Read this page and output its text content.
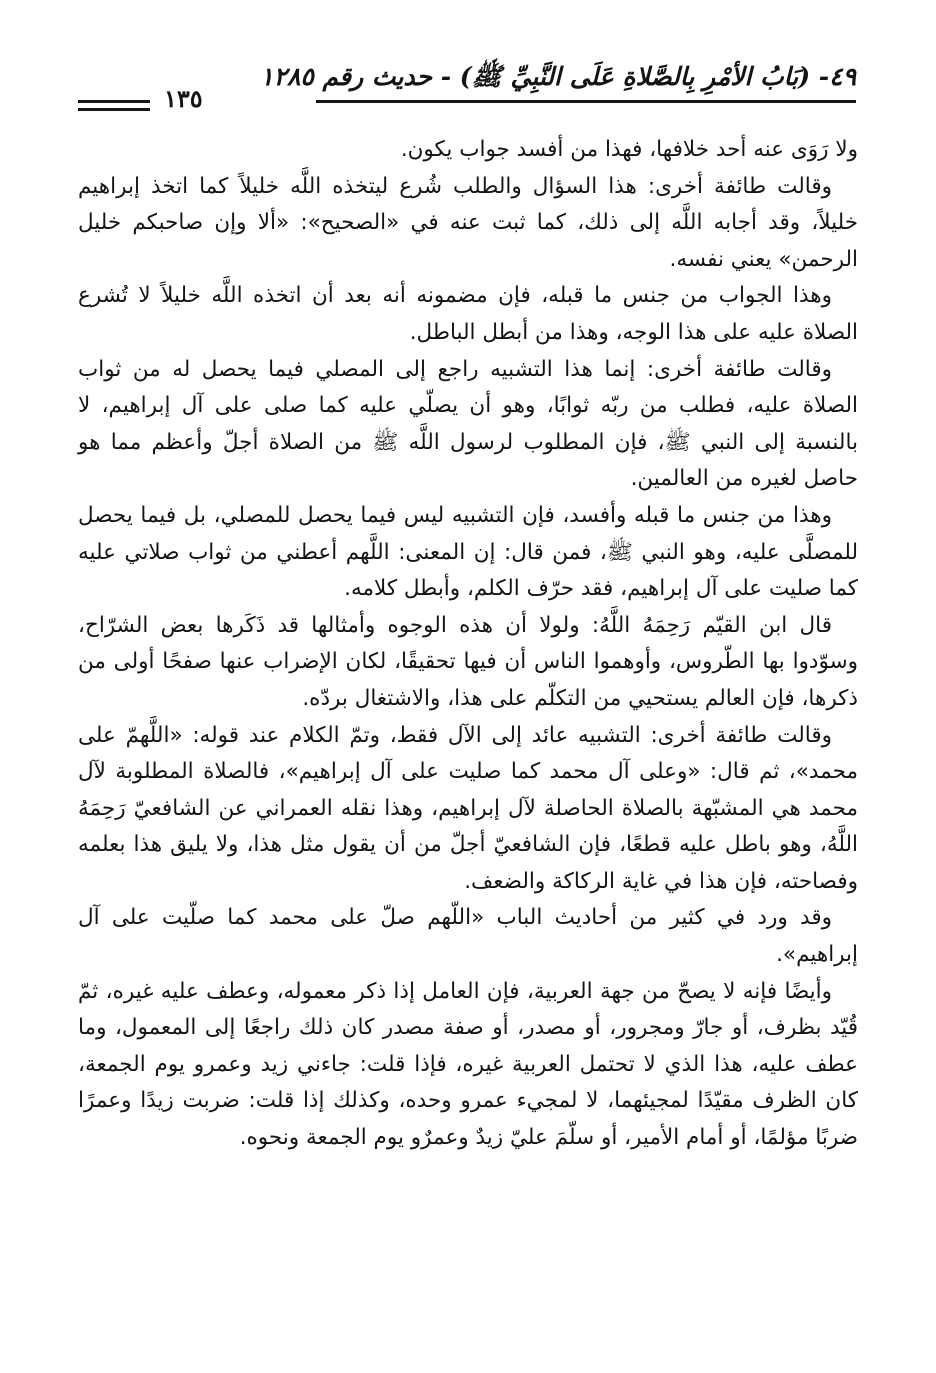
٤٩- (بَابُ الأمْرِ بِالصَّلاةِ عَلَى النَّبِيِّ ﷺ) - حديث رقم ١٢٨٥
١٣٥

ولا رَوَى عنه أحد خلافها، فهذا من أفسد جواب يكون.

وقالت طائفة أخرى: هذا السؤال والطلب شُرع ليتخذه اللَّه خليلاً كما اتخذ إبراهيم خليلاً، وقد أجابه اللَّه إلى ذلك، كما ثبت عنه في «الصحيح»: «ألا وإن صاحبكم خليل الرحمن» يعني نفسه.

وهذا الجواب من جنس ما قبله، فإن مضمونه أنه بعد أن اتخذه اللَّه خليلاً لا تُشرع الصلاة عليه على هذا الوجه، وهذا من أبطل الباطل.

وقالت طائفة أخرى: إنما هذا التشبيه راجع إلى المصلي فيما يحصل له من ثواب الصلاة عليه، فطلب من ربّه ثوابًا، وهو أن يصلّي عليه كما صلى على آل إبراهيم، لا بالنسبة إلى النبي ﷺ، فإن المطلوب لرسول اللَّه ﷺ من الصلاة أجلّ وأعظم مما هو حاصل لغيره من العالمين.

وهذا من جنس ما قبله وأفسد، فإن التشبيه ليس فيما يحصل للمصلي، بل فيما يحصل للمصلَّى عليه، وهو النبي ﷺ، فمن قال: إن المعنى: اللَّهم أعطني من ثواب صلاتي عليه كما صليت على آل إبراهيم، فقد حرّف الكلم، وأبطل كلامه.

قال ابن القيّم رَحِمَهُ اللَّهُ: ولولا أن هذه الوجوه وأمثالها قد ذَكَرها بعض الشرّاح، وسوّدوا بها الطّروس، وأوهموا الناس أن فيها تحقيقًا، لكان الإضراب عنها صفحًا أولى من ذكرها، فإن العالم يستحيي من التكلّم على هذا، والاشتغال بردّه.

وقالت طائفة أخرى: التشبيه عائد إلى الآل فقط، وتمّ الكلام عند قوله: «اللَّهمّ على محمد»، ثم قال: «وعلى آل محمد كما صليت على آل إبراهيم»، فالصلاة المطلوبة لآل محمد هي المشبّهة بالصلاة الحاصلة لآل إبراهيم، وهذا نقله العمراني عن الشافعيّ رَحِمَهُ اللَّهُ، وهو باطل عليه قطعًا، فإن الشافعيّ أجلّ من أن يقول مثل هذا، ولا يليق هذا بعلمه وفصاحته، فإن هذا في غاية الركاكة والضعف.

وقد ورد في كثير من أحاديث الباب «اللّهم صلّ على محمد كما صلّيت على آل إبراهيم».

وأيضًا فإنه لا يصحّ من جهة العربية، فإن العامل إذا ذكر معموله، وعطف عليه غيره، ثمّ قُيّد بظرف، أو جارّ ومجرور، أو مصدر، أو صفة مصدر كان ذلك راجعًا إلى المعمول، وما عطف عليه، هذا الذي لا تحتمل العربية غيره، فإذا قلت: جاءني زيد وعمرو يوم الجمعة، كان الظرف مقيّدًا لمجيئهما، لا لمجيء عمرو وحده، وكذلك إذا قلت: ضربت زيدًا وعمرًا ضربًا مؤلمًا، أو أمام الأمير، أو سلّمَ عليّ زيدٌ وعمرٌو يوم الجمعة ونحوه.
